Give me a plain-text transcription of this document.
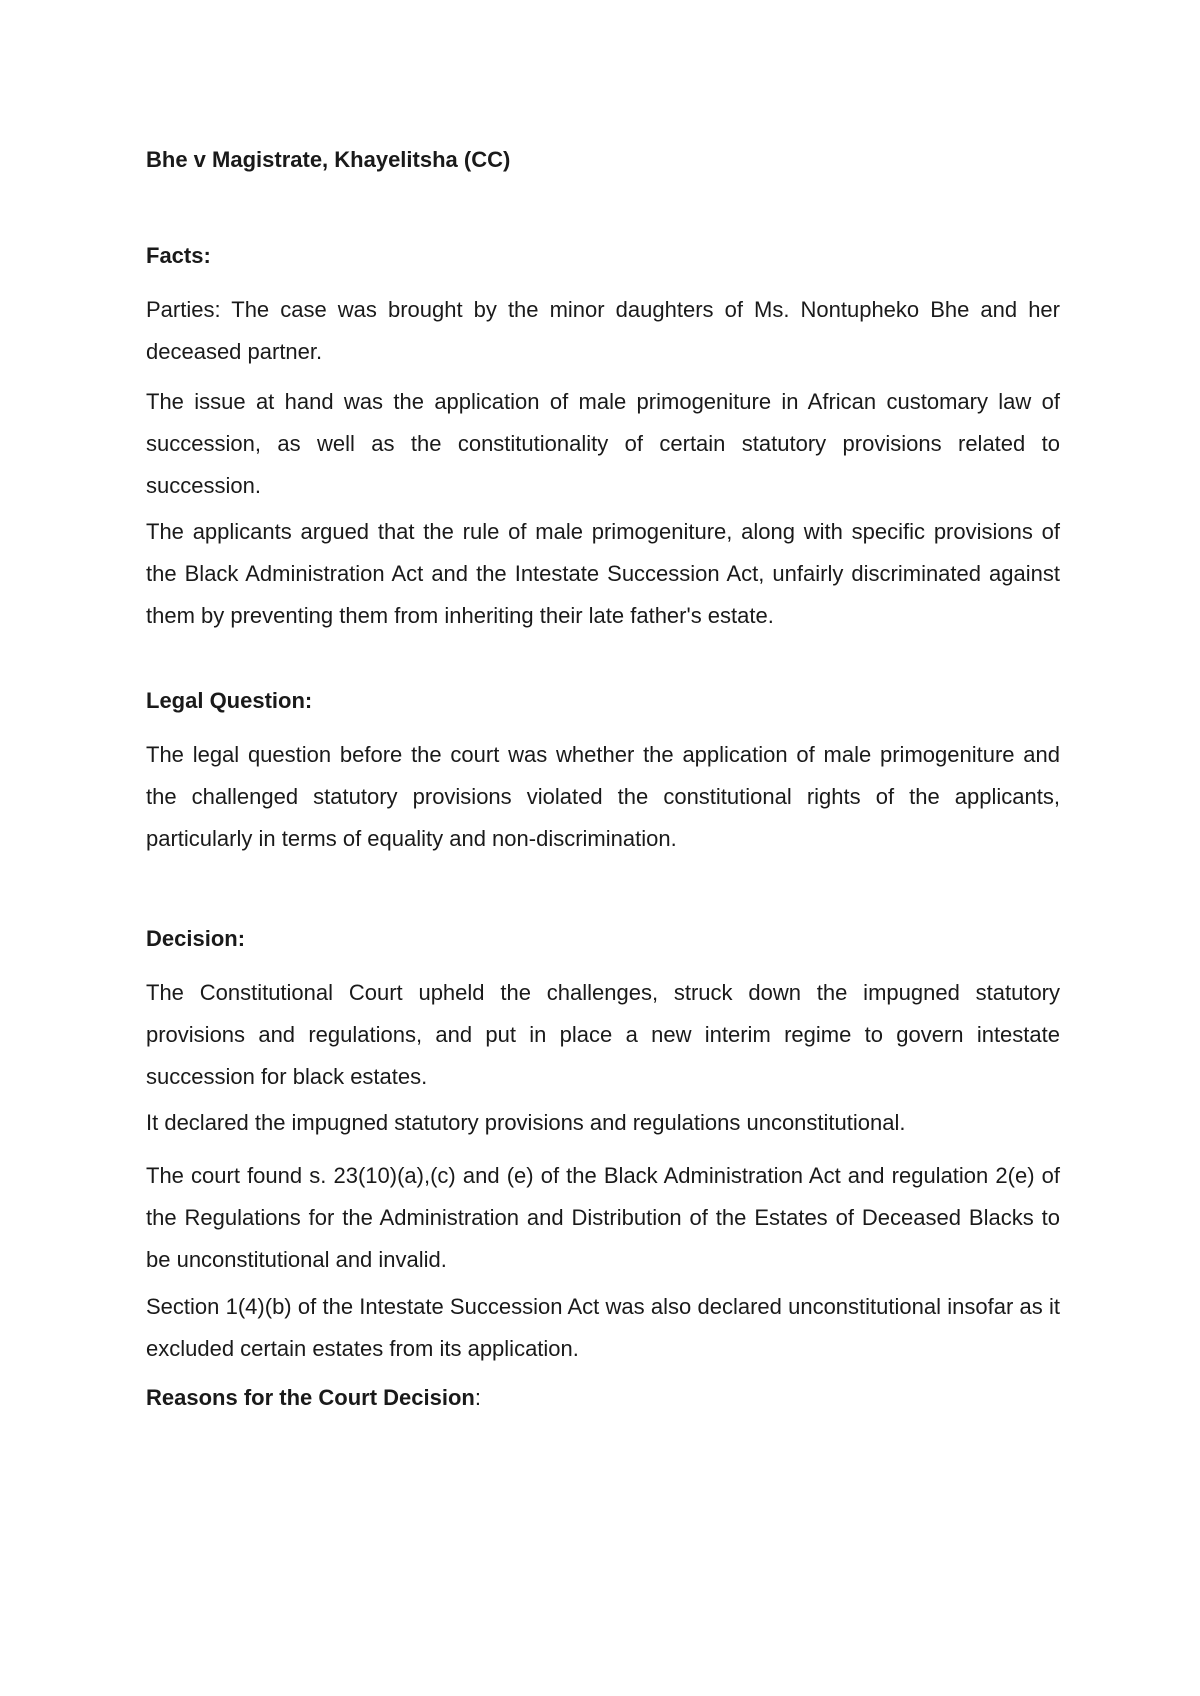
Bhe v Magistrate, Khayelitsha (CC)
Facts:

Parties: The case was brought by the minor daughters of Ms. Nontupheko Bhe and her deceased partner.

The issue at hand was the application of male primogeniture in African customary law of succession, as well as the constitutionality of certain statutory provisions related to succession.

The applicants argued that the rule of male primogeniture, along with specific provisions of the Black Administration Act and the Intestate Succession Act, unfairly discriminated against them by preventing them from inheriting their late father's estate.

Legal Question:

The legal question before the court was whether the application of male primogeniture and the challenged statutory provisions violated the constitutional rights of the applicants, particularly in terms of equality and non-discrimination.

Decision:

The Constitutional Court upheld the challenges, struck down the impugned statutory provisions and regulations, and put in place a new interim regime to govern intestate succession for black estates.

It declared the impugned statutory provisions and regulations unconstitutional.

The court found s. 23(10)(a),(c) and (e) of the Black Administration Act and regulation 2(e) of the Regulations for the Administration and Distribution of the Estates of Deceased Blacks to be unconstitutional and invalid.

Section 1(4)(b) of the Intestate Succession Act was also declared unconstitutional insofar as it excluded certain estates from its application.

Reasons for the Court Decision:
